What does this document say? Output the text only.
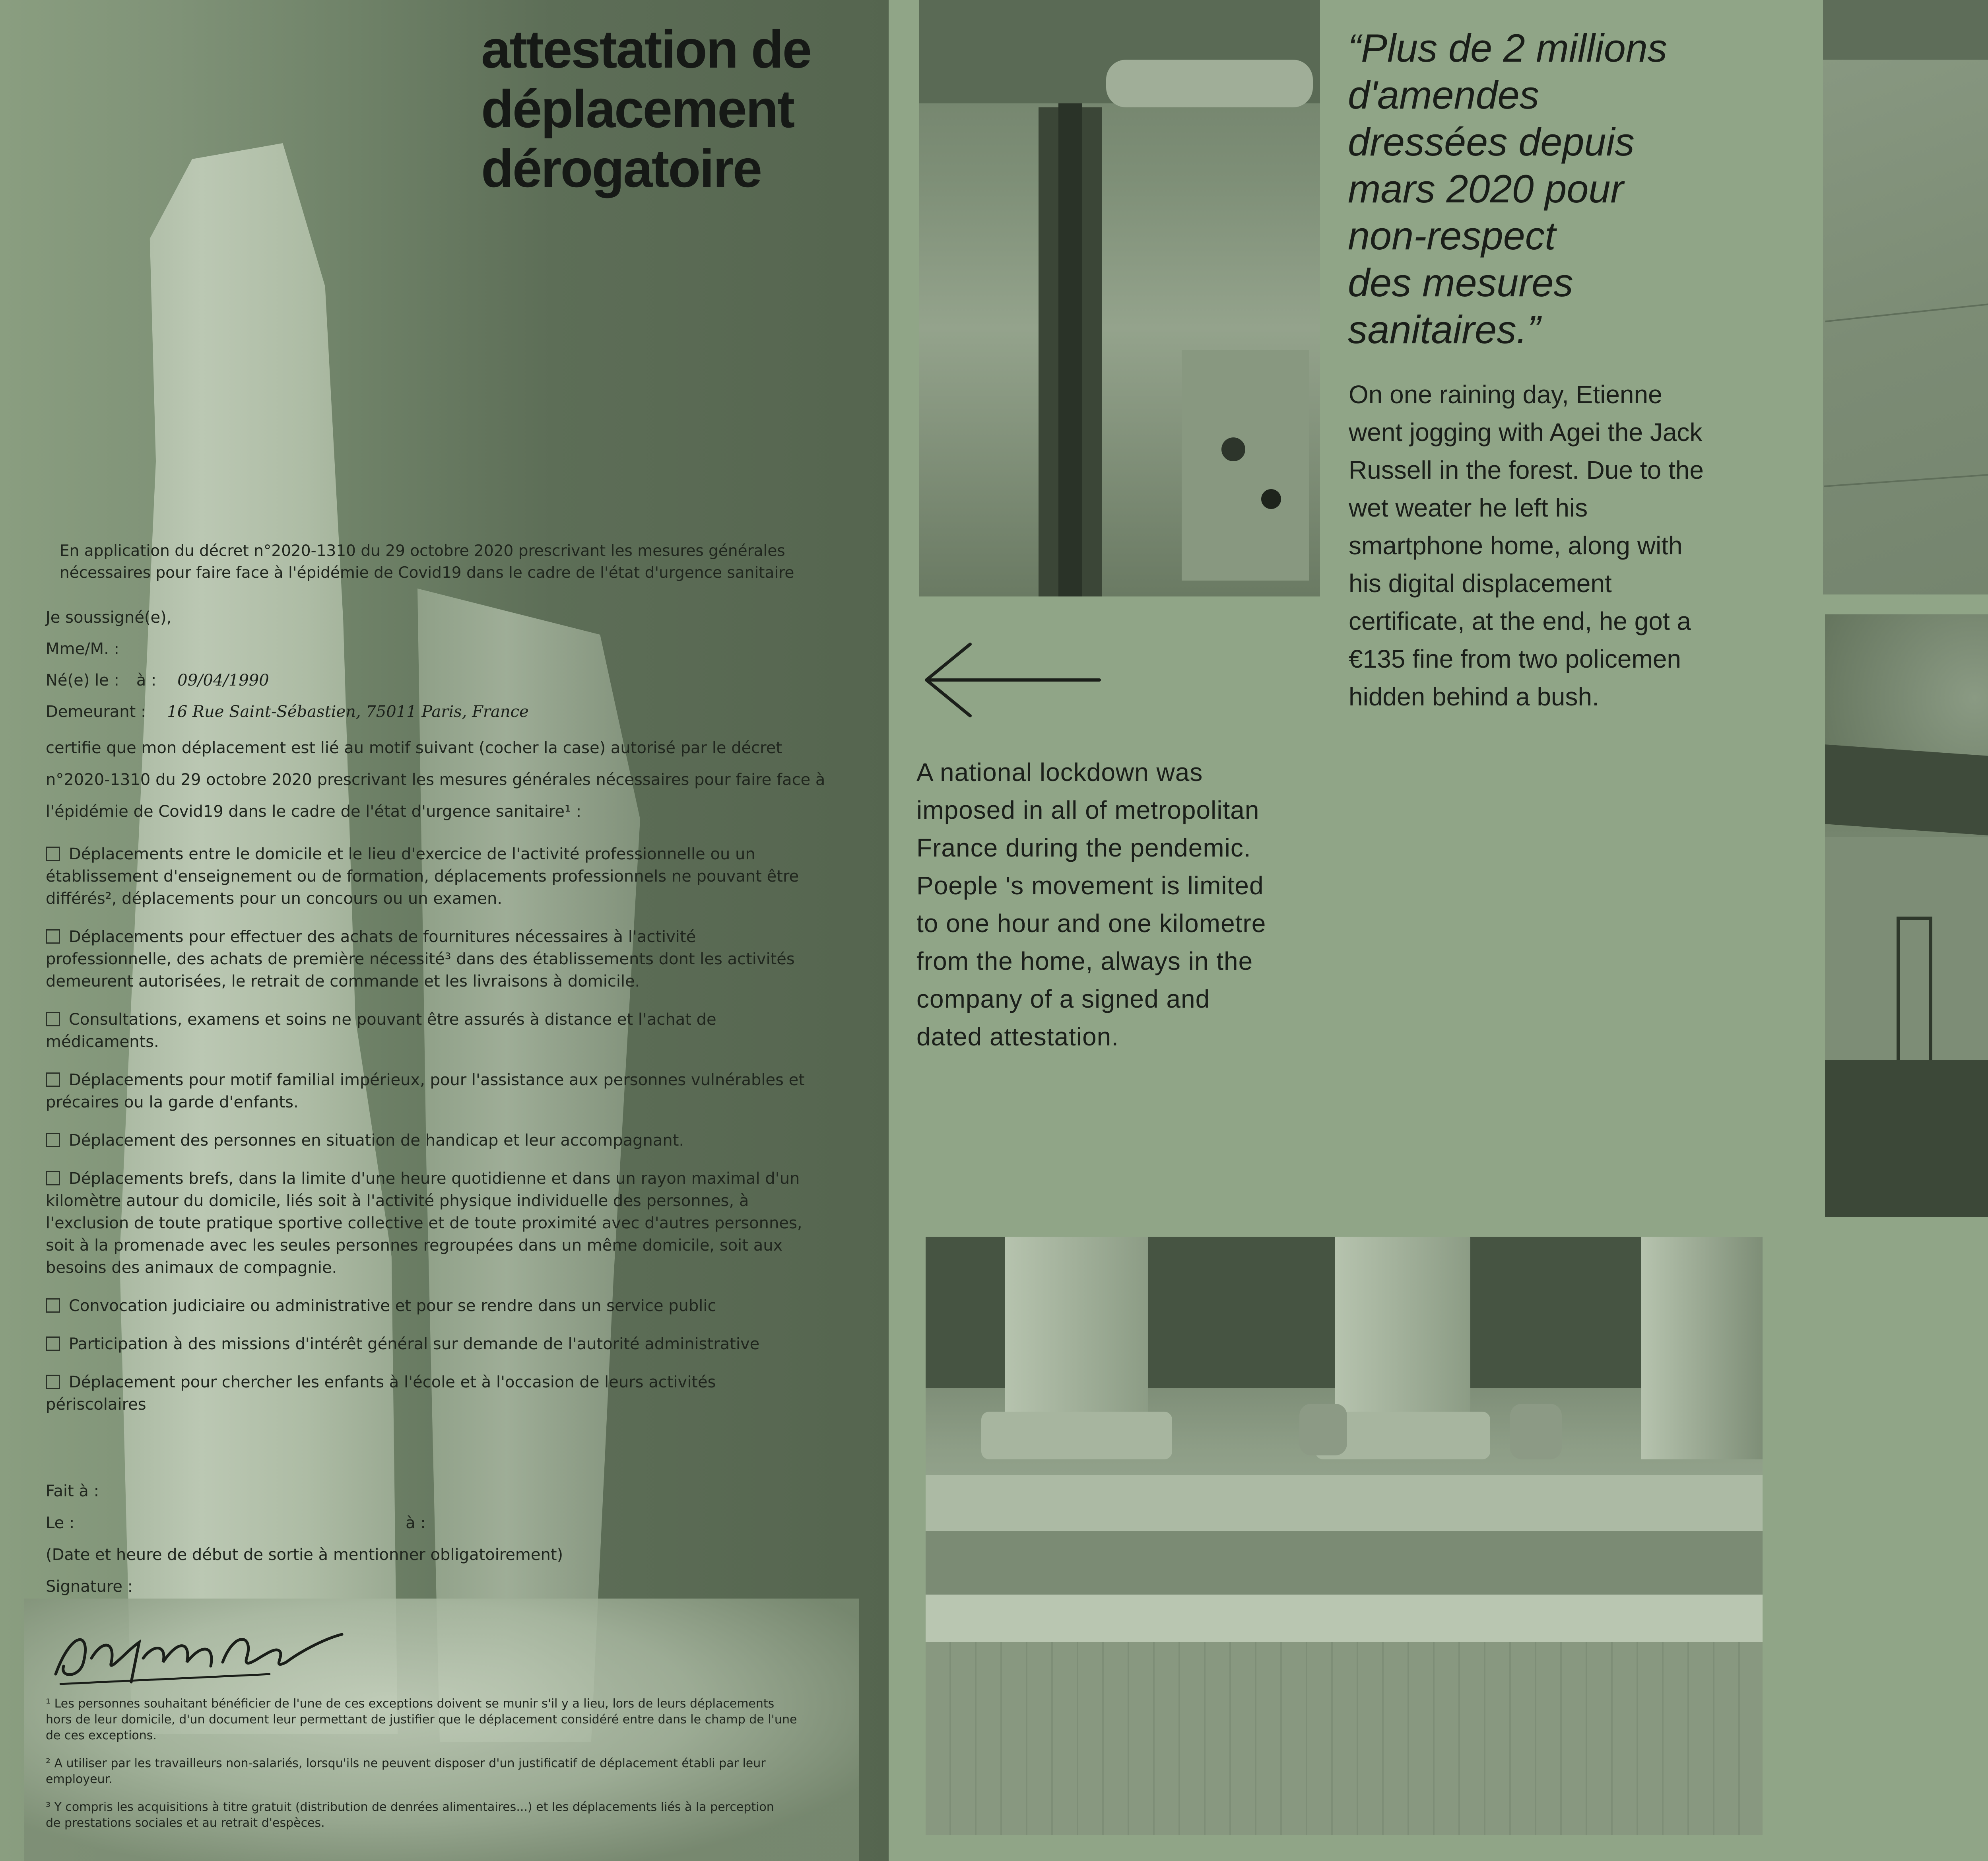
attestation de
déplacement
dérogatoire
En application du décret n°2020-1310 du 29 octobre 2020 prescrivant les mesures générales
nécessaires pour faire face à l'épidémie de Covid19 dans le cadre de l'état d'urgence sanitaire
Je soussigné(e),
Mme/M. :
Né(e) le : à : 09/04/1990
Demeurant : 16 Rue Saint-Sébastien, 75011 Paris, France
certifie que mon déplacement est lié au motif suivant (cocher la case) autorisé par le décret
n°2020-1310 du 29 octobre 2020 prescrivant les mesures générales nécessaires pour faire face à
l'épidémie de Covid19 dans le cadre de l'état d'urgence sanitaire¹ :
Déplacements entre le domicile et le lieu d'exercice de l'activité professionnelle ou un
établissement d'enseignement ou de formation, déplacements professionnels ne pouvant être
différés², déplacements pour un concours ou un examen.
Déplacements pour effectuer des achats de fournitures nécessaires à l'activité
professionnelle, des achats de première nécessité³ dans des établissements dont les activités
demeurent autorisées, le retrait de commande et les livraisons à domicile.
Consultations, examens et soins ne pouvant être assurés à distance et l'achat de
médicaments.
Déplacements pour motif familial impérieux, pour l'assistance aux personnes vulnérables et
précaires ou la garde d'enfants.
Déplacement des personnes en situation de handicap et leur accompagnant.
Déplacements brefs, dans la limite d'une heure quotidienne et dans un rayon maximal d'un
kilomètre autour du domicile, liés soit à l'activité physique individuelle des personnes, à
l'exclusion de toute pratique sportive collective et de toute proximité avec d'autres personnes,
soit à la promenade avec les seules personnes regroupées dans un même domicile, soit aux
besoins des animaux de compagnie.
Convocation judiciaire ou administrative et pour se rendre dans un service public
Participation à des missions d'intérêt général sur demande de l'autorité administrative
Déplacement pour chercher les enfants à l'école et à l'occasion de leurs activités
périscolaires
Fait à :
Le :	à :
(Date et heure de début de sortie à mentionner obligatoirement)
Signature :
¹ Les personnes souhaitant bénéficier de l'une de ces exceptions doivent se munir s'il y a lieu, lors de leurs déplacements
hors de leur domicile, d'un document leur permettant de justifier que le déplacement considéré entre dans le champ de l'une
de ces exceptions.
² A utiliser par les travailleurs non-salariés, lorsqu'ils ne peuvent disposer d'un justificatif de déplacement établi par leur
employeur.
³ Y compris les acquisitions à titre gratuit (distribution de denrées alimentaires...) et les déplacements liés à la perception
de prestations sociales et au retrait d'espèces.
“Plus de 2 millions
d'amendes
dressées depuis
mars 2020 pour
non-respect
des mesures
sanitaires.”
On one raining day, Etienne
went jogging with Agei the Jack
Russell in the forest. Due to the
wet weater he left his
smartphone home, along with
his digital displacement
certificate, at the end, he got a
€135 fine from two policemen
hidden behind a bush.
A national lockdown was
imposed in all of metropolitan
France during the pendemic.
Poeple 's movement is limited
to one hour and one kilometre
from the home, always in the
company of a signed and
dated attestation.
